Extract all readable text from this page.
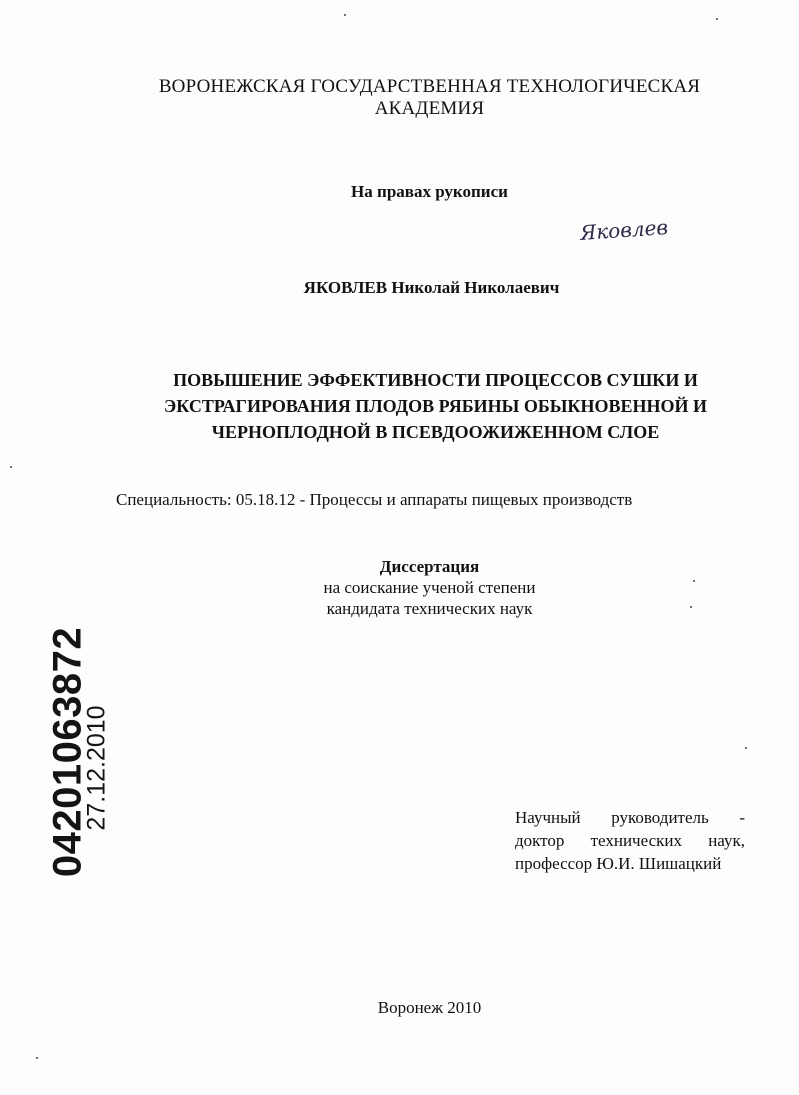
ВОРОНЕЖСКАЯ ГОСУДАРСТВЕННАЯ ТЕХНОЛОГИЧЕСКАЯ
АКАДЕМИЯ
На правах рукописи
Яковлев
ЯКОВЛЕВ Николай Николаевич
ПОВЫШЕНИЕ ЭФФЕКТИВНОСТИ ПРОЦЕССОВ СУШКИ И
ЭКСТРАГИРОВАНИЯ ПЛОДОВ РЯБИНЫ ОБЫКНОВЕННОЙ И
ЧЕРНОПЛОДНОЙ В ПСЕВДООЖИЖЕННОМ СЛОЕ
Специальность: 05.18.12 - Процессы и аппараты пищевых производств
Диссертация
на соискание ученой степени
кандидата технических наук
Научный руководитель -
доктор технических наук,
профессор Ю.И. Шишацкий
04201063872
27.12.2010
Воронеж 2010
